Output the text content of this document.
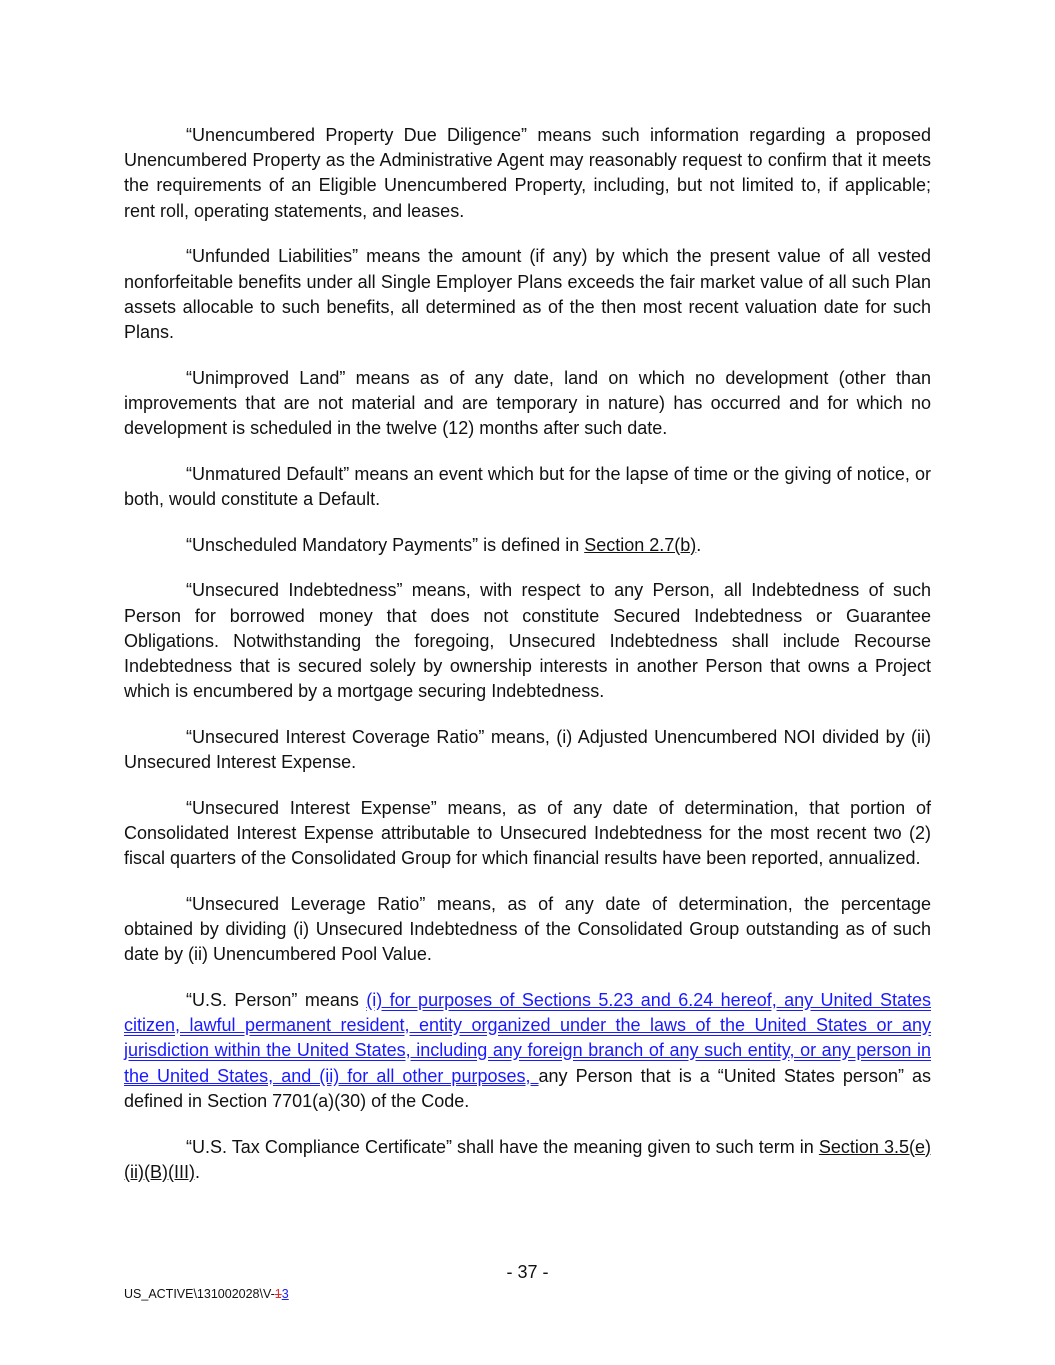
“Unencumbered Property Due Diligence” means such information regarding a proposed Unencumbered Property as the Administrative Agent may reasonably request to confirm that it meets the requirements of an Eligible Unencumbered Property, including, but not limited to, if applicable; rent roll, operating statements, and leases.

“Unfunded Liabilities” means the amount (if any) by which the present value of all vested nonforfeitable benefits under all Single Employer Plans exceeds the fair market value of all such Plan assets allocable to such benefits, all determined as of the then most recent valuation date for such Plans.

“Unimproved Land” means as of any date, land on which no development (other than improvements that are not material and are temporary in nature) has occurred and for which no development is scheduled in the twelve (12) months after such date.

“Unmatured Default” means an event which but for the lapse of time or the giving of notice, or both, would constitute a Default.

“Unscheduled Mandatory Payments” is defined in Section 2.7(b).

“Unsecured Indebtedness” means, with respect to any Person, all Indebtedness of such Person for borrowed money that does not constitute Secured Indebtedness or Guarantee Obligations. Notwithstanding the foregoing, Unsecured Indebtedness shall include Recourse Indebtedness that is secured solely by ownership interests in another Person that owns a Project which is encumbered by a mortgage securing Indebtedness.

“Unsecured Interest Coverage Ratio” means, (i) Adjusted Unencumbered NOI divided by (ii) Unsecured Interest Expense.

“Unsecured Interest Expense” means, as of any date of determination, that portion of Consolidated Interest Expense attributable to Unsecured Indebtedness for the most recent two (2) fiscal quarters of the Consolidated Group for which financial results have been reported, annualized.

“Unsecured Leverage Ratio” means, as of any date of determination, the percentage obtained by dividing (i) Unsecured Indebtedness of the Consolidated Group outstanding as of such date by (ii) Unencumbered Pool Value.

“U.S. Person” means (i) for purposes of Sections 5.23 and 6.24 hereof, any United States citizen, lawful permanent resident, entity organized under the laws of the United States or any jurisdiction within the United States, including any foreign branch of any such entity, or any person in the United States, and (ii) for all other purposes, any Person that is a “United States person” as defined in Section 7701(a)(30) of the Code.

“U.S. Tax Compliance Certificate” shall have the meaning given to such term in Section 3.5(e)(ii)(B)(III).

- 37 -
US_ACTIVE\131002028\V-13
